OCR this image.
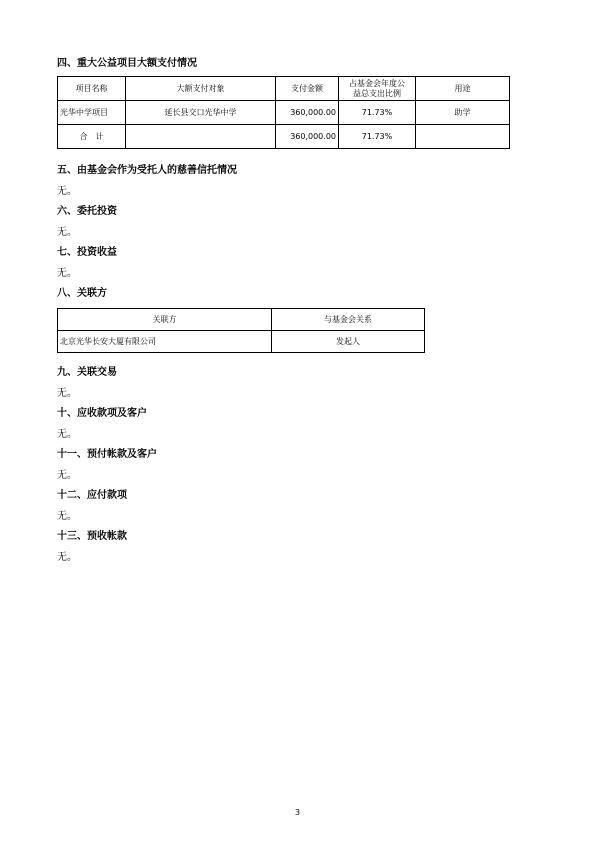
四、重大公益项目大额支付情况
项目名称	大额支付对象	支付金额	占基金会年度公
益总支出比例	用途
光华中学项目	延长县交口光华中学	360,000.00	71.73%	助学
合　计		360,000.00	71.73%	
五、由基金会作为受托人的慈善信托情况
无。
六、委托投资
无。
七、投资收益
无。
八、关联方
关联方	与基金会关系
北京光华长安大厦有限公司	发起人
九、关联交易
无。
十、应收款项及客户
无。
十一、预付帐款及客户
无。
十二、应付款项
无。
十三、预收帐款
无。
3
